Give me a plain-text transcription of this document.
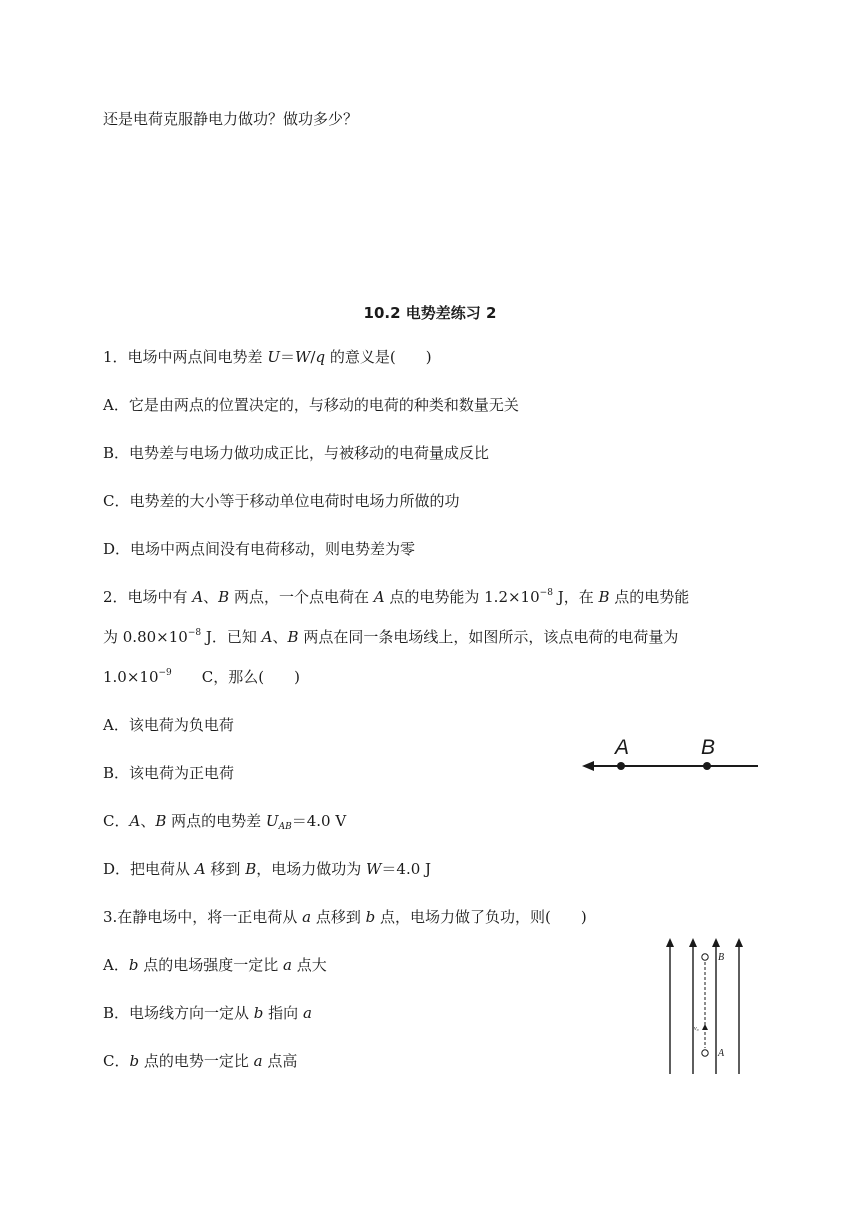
还是电荷克服静电力做功？做功多少？
10.2 电势差练习 2
1．电场中两点间电势差 U＝W/q 的意义是(　　)
A．它是由两点的位置决定的，与移动的电荷的种类和数量无关
B．电势差与电场力做功成正比，与被移动的电荷量成反比
C．电势差的大小等于移动单位电荷时电场力所做的功
D．电场中两点间没有电荷移动，则电势差为零
2．电场中有 A、B 两点，一个点电荷在 A 点的电势能为 $1.2\times 10^{-8}$ J，在 B 点的电势能
为 $0.80\times 10^{-8}$ J．已知 A、B 两点在同一条电场线上，如图所示，该点电荷的电荷量为
$1.0\times 10^{-9}$　　C，那么(　　)
A．该电荷为负电荷
B．该电荷为正电荷
C．A、B 两点的电势差 $U_{AB}=4.0$ V
D．把电荷从 A 移到 B，电场力做功为 W＝4.0 J
A	B
3.在静电场中，将一正电荷从 a 点移到 b 点，电场力做了负功，则(　　)
A．b 点的电场强度一定比 a 点大
B．电场线方向一定从 b 指向 a
C．b 点的电势一定比 a 点高
B
A
v₀
